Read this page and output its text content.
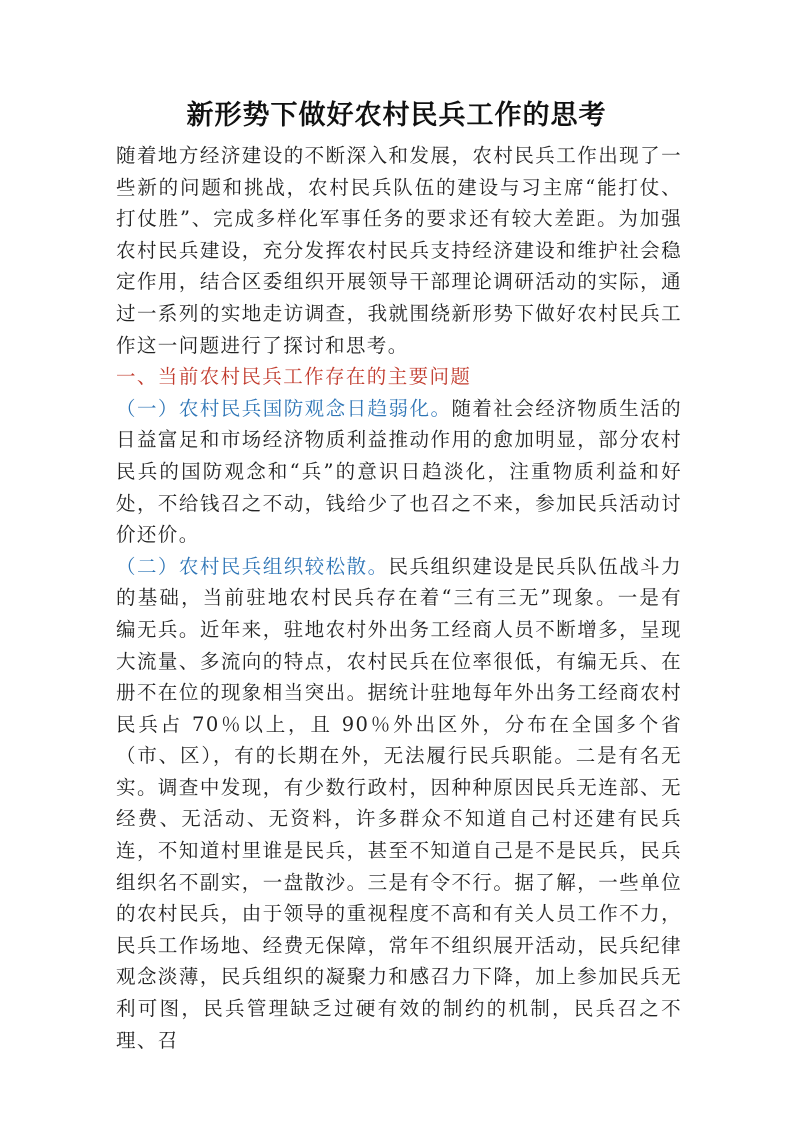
新形势下做好农村民兵工作的思考

随着地方经济建设的不断深入和发展，农村民兵工作出现了一些新的问题和挑战，农村民兵队伍的建设与习主席“能打仗、打仗胜”、完成多样化军事任务的要求还有较大差距。为加强农村民兵建设，充分发挥农村民兵支持经济建设和维护社会稳定作用，结合区委组织开展领导干部理论调研活动的实际，通过一系列的实地走访调查，我就围绕新形势下做好农村民兵工作这一问题进行了探讨和思考。

一、当前农村民兵工作存在的主要问题

（一）农村民兵国防观念日趋弱化。随着社会经济物质生活的日益富足和市场经济物质利益推动作用的愈加明显，部分农村民兵的国防观念和“兵”的意识日趋淡化，注重物质利益和好处，不给钱召之不动，钱给少了也召之不来，参加民兵活动讨价还价。

（二）农村民兵组织较松散。民兵组织建设是民兵队伍战斗力的基础，当前驻地农村民兵存在着“三有三无”现象。一是有编无兵。近年来，驻地农村外出务工经商人员不断增多，呈现大流量、多流向的特点，农村民兵在位率很低，有编无兵、在册不在位的现象相当突出。据统计驻地每年外出务工经商农村民兵占 70％以上，且 90％外出区外，分布在全国多个省（市、区），有的长期在外，无法履行民兵职能。二是有名无实。调查中发现，有少数行政村，因种种原因民兵无连部、无经费、无活动、无资料，许多群众不知道自己村还建有民兵连，不知道村里谁是民兵，甚至不知道自己是不是民兵，民兵组织名不副实，一盘散沙。三是有令不行。据了解，一些单位的农村民兵，由于领导的重视程度不高和有关人员工作不力，民兵工作场地、经费无保障，常年不组织展开活动，民兵纪律观念淡薄，民兵组织的凝聚力和感召力下降，加上参加民兵无利可图，民兵管理缺乏过硬有效的制约的机制，民兵召之不理、召
